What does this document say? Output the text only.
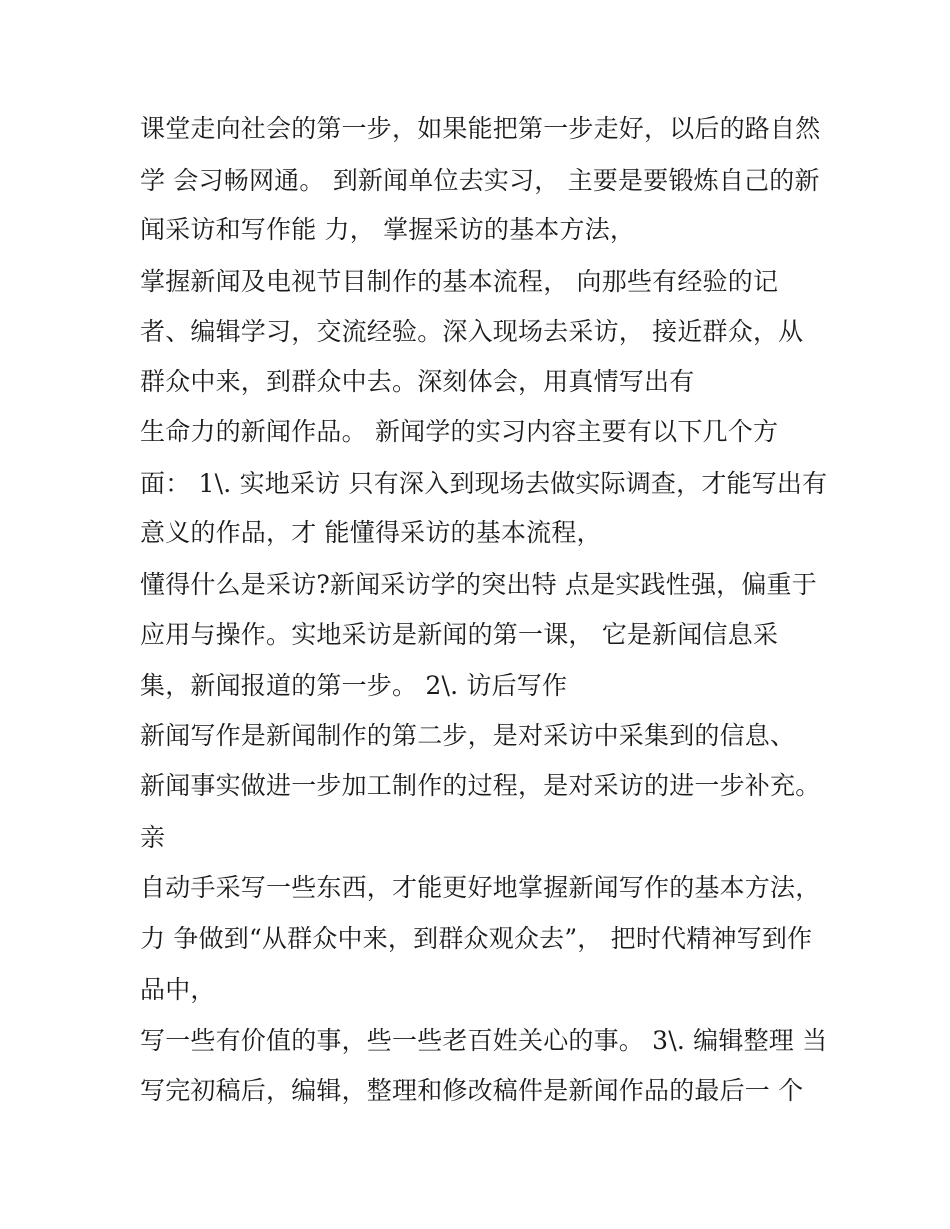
课堂走向社会的第一步，如果能把第一步走好，以后的路自然
学 会习畅网通。 到新闻单位去实习， 主要是要锻炼自己的新
闻采访和写作能 力， 掌握采访的基本方法，
掌握新闻及电视节目制作的基本流程， 向那些有经验的记
者、编辑学习，交流经验。深入现场去采访， 接近群众，从
群众中来，到群众中去。深刻体会，用真情写出有
生命力的新闻作品。 新闻学的实习内容主要有以下几个方
面： 1\. 实地采访 只有深入到现场去做实际调查，才能写出有
意义的作品，才 能懂得采访的基本流程，
懂得什么是采访?新闻采访学的突出特 点是实践性强，偏重于
应用与操作。实地采访是新闻的第一课， 它是新闻信息采
集，新闻报道的第一步。 2\. 访后写作
新闻写作是新闻制作的第二步，是对采访中采集到的信息、
新闻事实做进一步加工制作的过程，是对采访的进一步补充。
亲
自动手采写一些东西，才能更好地掌握新闻写作的基本方法，
力 争做到“从群众中来，到群众观众去”， 把时代精神写到作
品中，
写一些有价值的事，些一些老百姓关心的事。 3\. 编辑整理 当
写完初稿后，编辑，整理和修改稿件是新闻作品的最后一 个
